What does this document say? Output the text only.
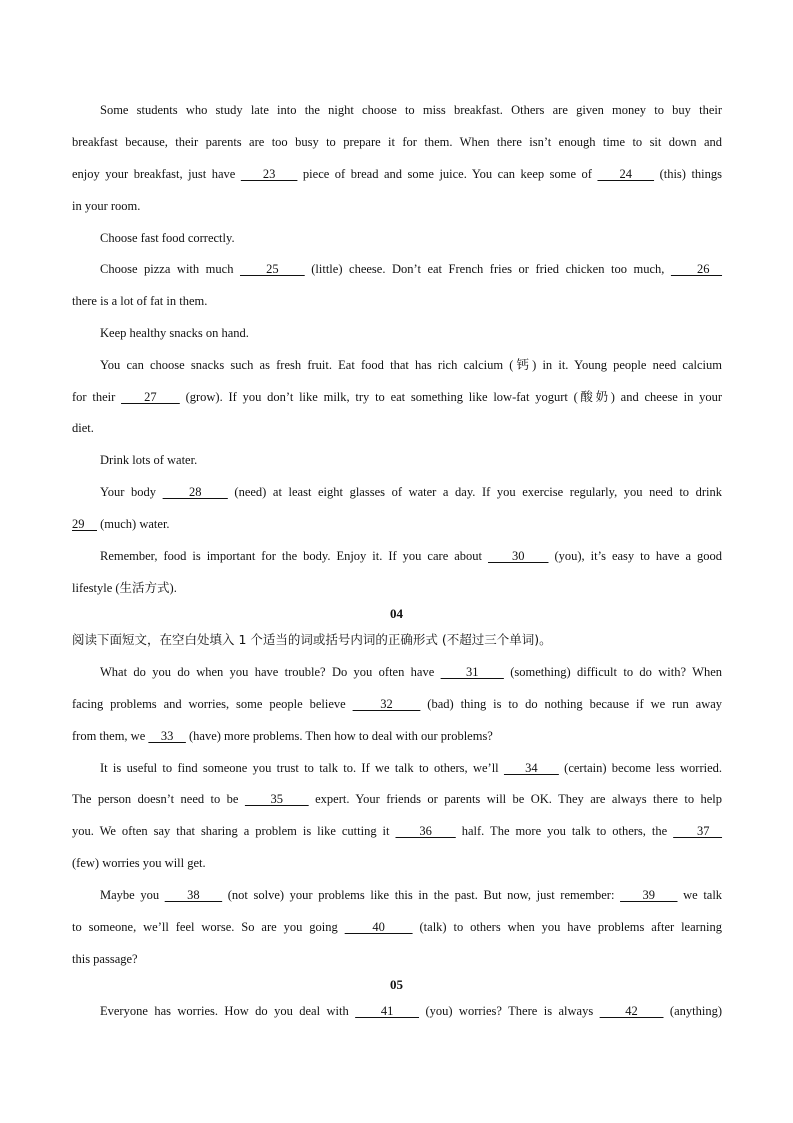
Some students who study late into the night choose to miss breakfast. Others are given money to buy their
breakfast because, their parents are too busy to prepare it for them. When there isn’t enough time to sit down and
enjoy your breakfast, just have     23     piece of bread and some juice. You can keep some of     24     (this) things
in your room.
Choose fast food correctly.
Choose pizza with much     25     (little) cheese. Don’t eat French fries or fried chicken too much,     26
there is a lot of fat in them.
Keep healthy snacks on hand.
You can choose snacks such as fresh fruit. Eat food that has rich calcium (钙) in it. Young people need calcium
for their     27     (grow). If you don’t like milk, try to eat something like low-fat yogurt (酸奶) and cheese in your
diet.
Drink lots of water.
Your body     28     (need) at least eight glasses of water a day. If you exercise regularly, you need to drink
29     (much) water.
Remember, food is important for the body. Enjoy it. If you care about     30     (you), it’s easy to have a good
lifestyle (生活方式).
04
阅读下面短文，在空白处填入 1 个适当的词或括号内词的正确形式 (不超过三个单词)。
What do you do when you have trouble? Do you often have     31     (something) difficult to do with? When
facing problems and worries, some people believe     32     (bad) thing is to do nothing because if we run away
from them, we     33     (have) more problems. Then how to deal with our problems?
It is useful to find someone you trust to talk to. If we talk to others, we’ll     34     (certain) become less worried.
The person doesn’t need to be     35     expert. Your friends or parents will be OK. They are always there to help
you. We often say that sharing a problem is like cutting it     36     half. The more you talk to others, the     37
(few) worries you will get.
Maybe you     38     (not solve) your problems like this in the past. But now, just remember:     39     we talk
to someone, we’ll feel worse. So are you going     40     (talk) to others when you have problems after learning
this passage?
05
Everyone has worries. How do you deal with     41     (you) worries? There is always     42     (anything)
